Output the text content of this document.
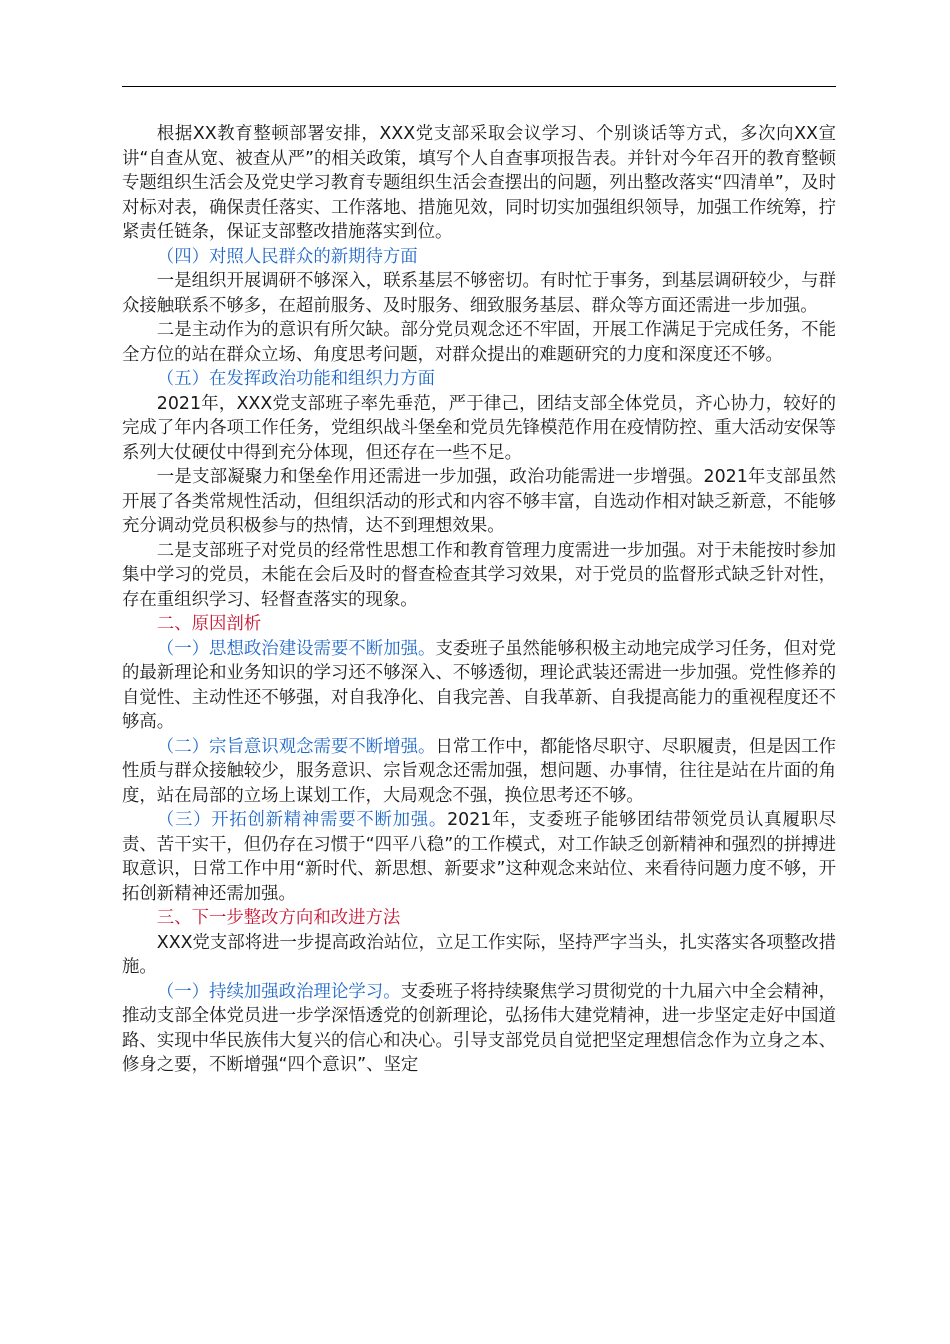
根据XX教育整顿部署安排，XXX党支部采取会议学习、个别谈话等方式，多次向XX宣讲“自查从宽、被查从严”的相关政策，填写个人自查事项报告表。并针对今年召开的教育整顿专题组织生活会及党史学习教育专题组织生活会查摆出的问题，列出整改落实“四清单”，及时对标对表，确保责任落实、工作落地、措施见效，同时切实加强组织领导，加强工作统筹，拧紧责任链条，保证支部整改措施落实到位。

（四）对照人民群众的新期待方面

一是组织开展调研不够深入，联系基层不够密切。有时忙于事务，到基层调研较少，与群众接触联系不够多，在超前服务、及时服务、细致服务基层、群众等方面还需进一步加强。

二是主动作为的意识有所欠缺。部分党员观念还不牢固，开展工作满足于完成任务，不能全方位的站在群众立场、角度思考问题，对群众提出的难题研究的力度和深度还不够。

（五）在发挥政治功能和组织力方面

2021年，XXX党支部班子率先垂范，严于律己，团结支部全体党员，齐心协力，较好的完成了年内各项工作任务，党组织战斗堡垒和党员先锋模范作用在疫情防控、重大活动安保等系列大仗硬仗中得到充分体现，但还存在一些不足。

一是支部凝聚力和堡垒作用还需进一步加强，政治功能需进一步增强。2021年支部虽然开展了各类常规性活动，但组织活动的形式和内容不够丰富，自选动作相对缺乏新意，不能够充分调动党员积极参与的热情，达不到理想效果。

二是支部班子对党员的经常性思想工作和教育管理力度需进一步加强。对于未能按时参加集中学习的党员，未能在会后及时的督查检查其学习效果，对于党员的监督形式缺乏针对性，存在重组织学习、轻督查落实的现象。

二、原因剖析

（一）思想政治建设需要不断加强。支委班子虽然能够积极主动地完成学习任务，但对党的最新理论和业务知识的学习还不够深入、不够透彻，理论武装还需进一步加强。党性修养的自觉性、主动性还不够强，对自我净化、自我完善、自我革新、自我提高能力的重视程度还不够高。

（二）宗旨意识观念需要不断增强。日常工作中，都能恪尽职守、尽职履责，但是因工作性质与群众接触较少，服务意识、宗旨观念还需加强，想问题、办事情，往往是站在片面的角度，站在局部的立场上谋划工作，大局观念不强，换位思考还不够。

（三）开拓创新精神需要不断加强。2021年，支委班子能够团结带领党员认真履职尽责、苦干实干，但仍存在习惯于“四平八稳”的工作模式，对工作缺乏创新精神和强烈的拼搏进取意识，日常工作中用“新时代、新思想、新要求”这种观念来站位、来看待问题力度不够，开拓创新精神还需加强。

三、下一步整改方向和改进方法

XXX党支部将进一步提高政治站位，立足工作实际，坚持严字当头，扎实落实各项整改措施。

（一）持续加强政治理论学习。支委班子将持续聚焦学习贯彻党的十九届六中全会精神，推动支部全体党员进一步学深悟透党的创新理论，弘扬伟大建党精神，进一步坚定走好中国道路、实现中华民族伟大复兴的信心和决心。引导支部党员自觉把坚定理想信念作为立身之本、修身之要，不断增强“四个意识”、坚定
